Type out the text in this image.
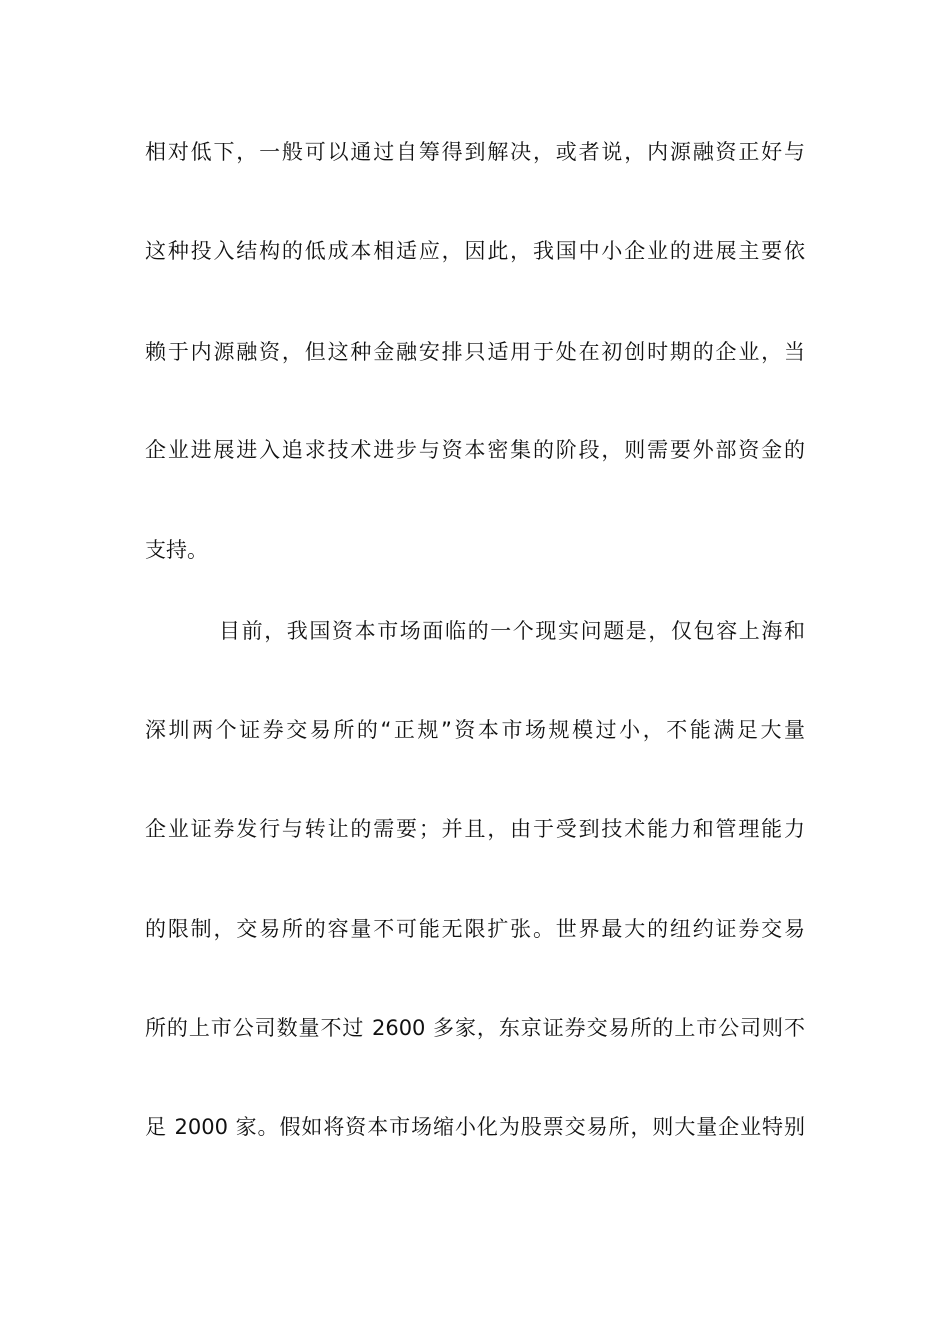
相对低下，一般可以通过自筹得到解决，或者说，内源融资正好与
这种投入结构的低成本相适应，因此，我国中小企业的进展主要依
赖于内源融资，但这种金融安排只适用于处在初创时期的企业，当
企业进展进入追求技术进步与资本密集的阶段，则需要外部资金的
支持。
目前，我国资本市场面临的一个现实问题是，仅包容上海和
深圳两个证券交易所的“正规”资本市场规模过小，不能满足大量
企业证券发行与转让的需要；并且，由于受到技术能力和管理能力
的限制，交易所的容量不可能无限扩张。世界最大的纽约证券交易
所的上市公司数量不过 2600 多家，东京证券交易所的上市公司则不
足 2000 家。假如将资本市场缩小化为股票交易所，则大量企业特别
